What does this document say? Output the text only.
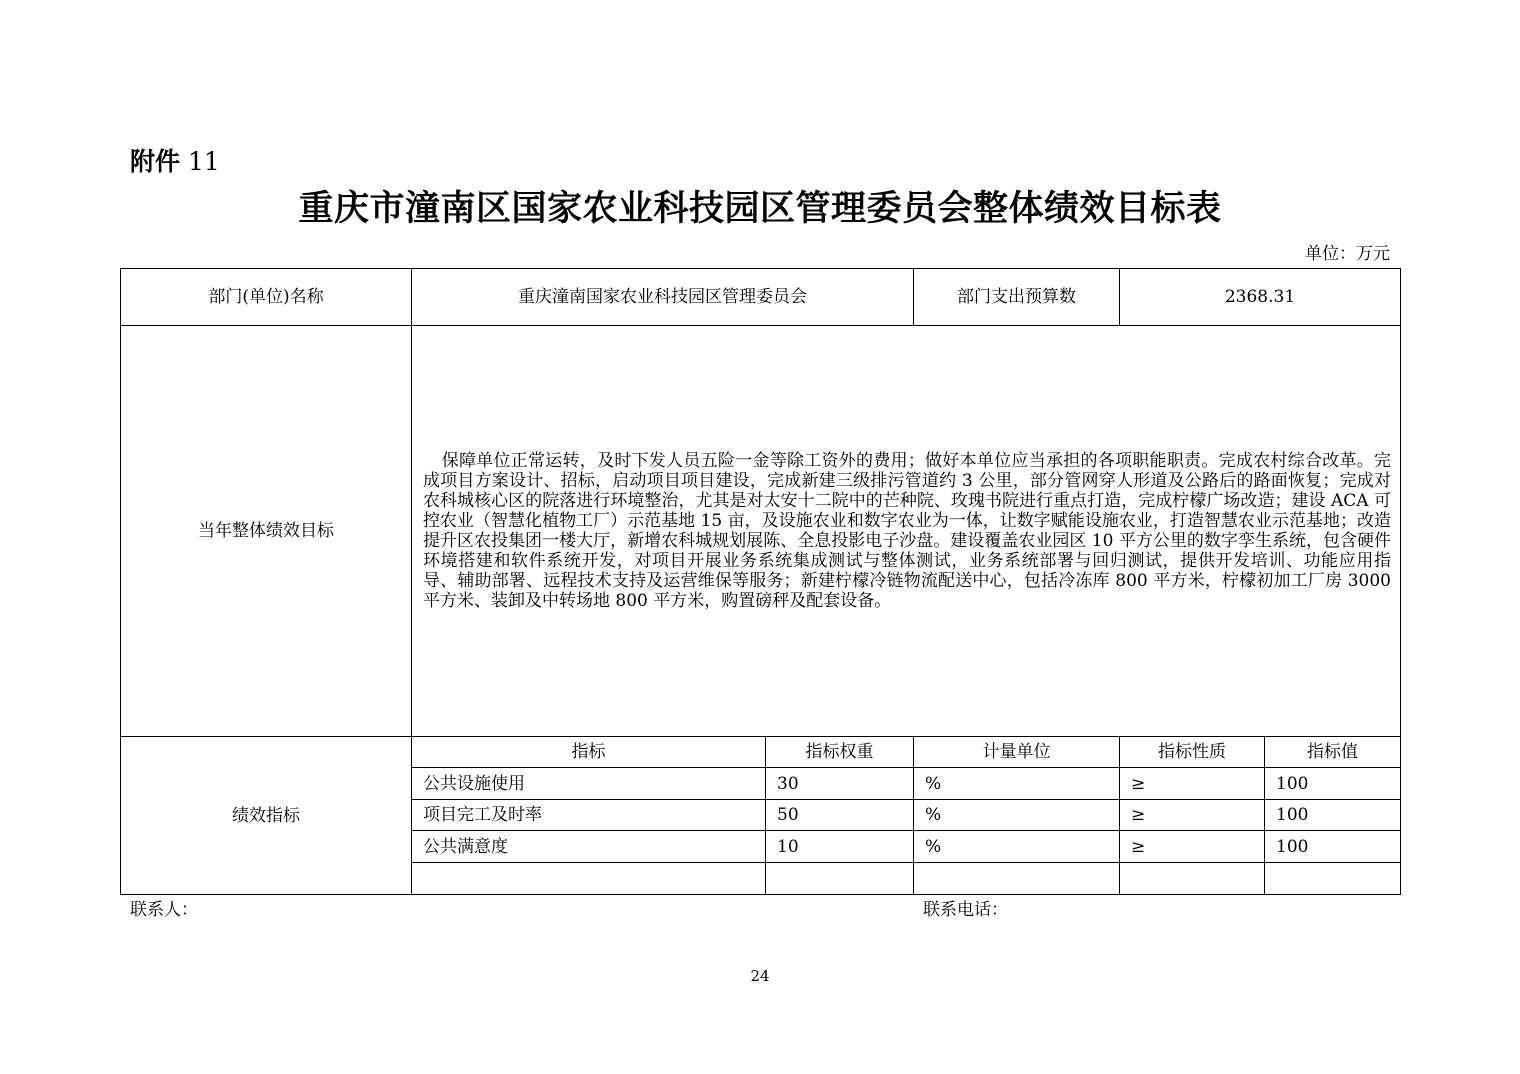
附件 11
重庆市潼南区国家农业科技园区管理委员会整体绩效目标表
单位：万元
部门(单位)名称	重庆潼南国家农业科技园区管理委员会		部门支出预算数	2368.31	
当年整体绩效目标	保障单位正常运转，及时下发人员五险一金等除工资外的费用；做好本单位应当承担的各项职能职责。完成农村综合改革。完成项目方案设计、招标，启动项目项目建设，完成新建三级排污管道约 3 公里，部分管网穿人形道及公路后的路面恢复；完成对农科城核心区的院落进行环境整治，尤其是对太安十二院中的芒种院、玫瑰书院进行重点打造，完成柠檬广场改造；建设 ACA 可控农业（智慧化植物工厂）示范基地 15 亩，及设施农业和数字农业为一体，让数字赋能设施农业，打造智慧农业示范基地；改造提升区农投集团一楼大厅，新增农科城规划展陈、全息投影电子沙盘。建设覆盖农业园区 10 平方公里的数字孪生系统，包含硬件环境搭建和软件系统开发，对项目开展业务系统集成测试与整体测试，业务系统部署与回归测试，提供开发培训、功能应用指导、辅助部署、远程技术支持及运营维保等服务；新建柠檬冷链物流配送中心，包括冷冻库 800 平方米，柠檬初加工厂房 3000 平方米、装卸及中转场地 800 平方米，购置磅秤及配套设备。				
绩效指标	指标	指标权重	计量单位	指标性质	指标值
	公共设施使用	30	%	≥	100
	项目完工及时率	50	%	≥	100
	公共满意度	10	%	≥	100

联系人：	联系电话：
24
